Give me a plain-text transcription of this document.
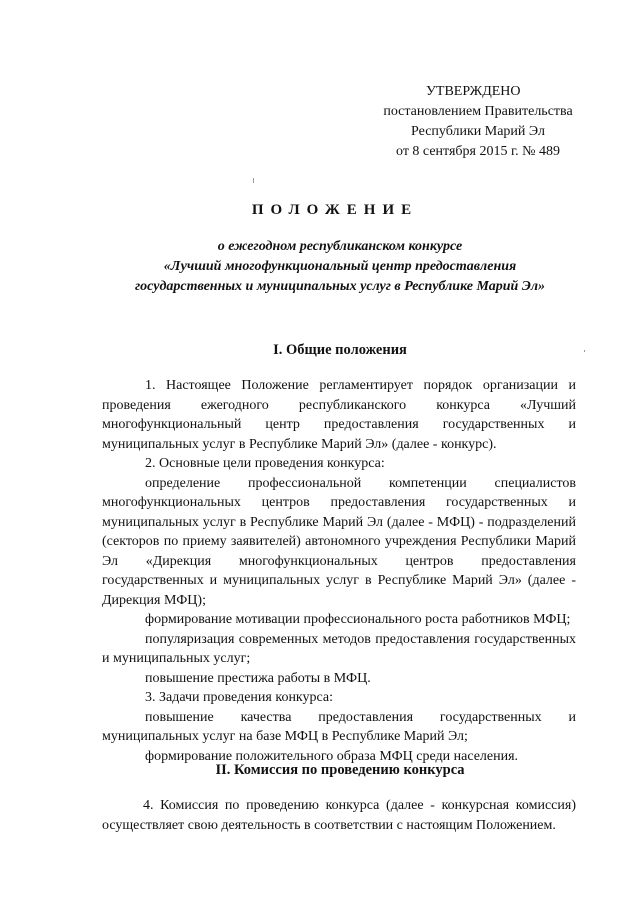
УТВЕРЖДЕНО
постановлением Правительства
Республики Марий Эл
от 8 сентября 2015 г. № 489
ПОЛОЖЕНИЕ
о ежегодном республиканском конкурсе
«Лучший многофункциональный центр предоставления
государственных и муниципальных услуг в Республике Марий Эл»
I. Общие положения

1. Настоящее Положение регламентирует порядок организации и проведения ежегодного республиканского конкурса «Лучший многофункциональный центр предоставления государственных и муниципальных услуг в Республике Марий Эл» (далее - конкурс).

2. Основные цели проведения конкурса:

определение профессиональной компетенции специалистов многофункциональных центров предоставления государственных и муниципальных услуг в Республике Марий Эл (далее - МФЦ) - подразделений (секторов по приему заявителей) автономного учреждения Республики Марий Эл «Дирекция многофункциональных центров предоставления государственных и муниципальных услуг в Республике Марий Эл» (далее - Дирекция МФЦ);

формирование мотивации профессионального роста работников МФЦ;

популяризация современных методов предоставления государственных и муниципальных услуг;

повышение престижа работы в МФЦ.

3. Задачи проведения конкурса:

повышение качества предоставления государственных и муниципальных услуг на базе МФЦ в Республике Марий Эл;

формирование положительного образа МФЦ среди населения.

II. Комиссия по проведению конкурса

4. Комиссия по проведению конкурса (далее - конкурсная комиссия) осуществляет свою деятельность в соответствии с настоящим Положением.
